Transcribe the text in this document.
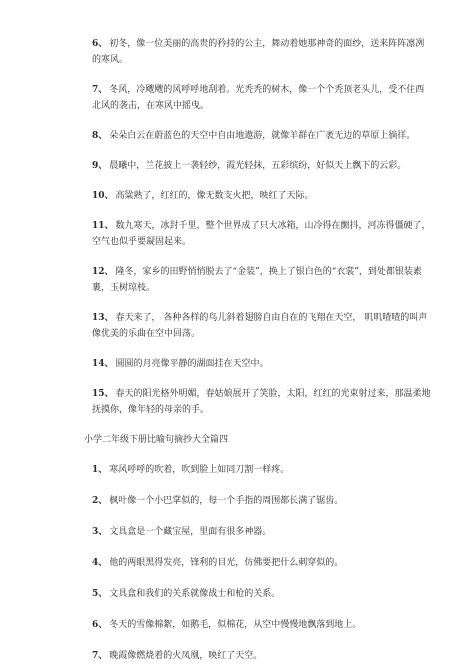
6、 初冬，像一位美丽的高贵的矜持的公主，舞动着她那神奇的面纱，送来阵阵凛冽的寒风。

7、 冬风，冷飕飕的风呼呼地刮着。光秃秃的树木，像一个个秃顶老头儿，受不住西北风的袭击，在寒风中摇曳。

8、 朵朵白云在蔚蓝色的天空中自由地遨游，就像羊群在广袤无边的草原上徜徉。

9、 晨曦中，兰花披上一袭轻纱，霞光轻抹，五彩缤纷，好似天上飘下的云彩。

10、 高粱熟了，红红的，像无数支火把，映红了天际。

11、 数九寒天，冰封千里，整个世界成了只大冰箱，山冷得在颤抖，河冻得僵硬了，空气也似乎要凝固起来。

12、 隆冬，家乡的田野悄悄脱去了“金装”，换上了银白色的“衣裳”，到处都银装素裹，玉树琼枝。

13、 春天来了， 各种各样的鸟儿斜着翅膀自由自在的飞翔在天空， 叽叽喳喳的叫声像优美的乐曲在空中回荡。

14、 圆圆的月亮像平静的湖面挂在天空中。

15、 春天的阳光格外明媚，春姑娘展开了笑脸，太阳，红红的光束射过来，那温柔地抚摸你，像年轻的母亲的手。

小学二年级下册比喻句摘抄大全篇四

1、 寒风呼呼的吹着，吹到脸上如同刀割一样疼。

2、 枫叶像一个小巴掌似的，每一个手指的周围都长满了锯齿。

3、 文具盒是一个藏宝屋，里面有很多神器。

4、 他的两眼黑得发亮，锋利的目光，仿佛要把什么刺穿似的。

5、 文具盒和我们的关系就像战士和枪的关系。

6、 冬天的雪像棉絮，如鹅毛，似棉花，从空中慢慢地飘落到地上。

7、 晚霞像燃烧着的火凤凰，映红了天空。
